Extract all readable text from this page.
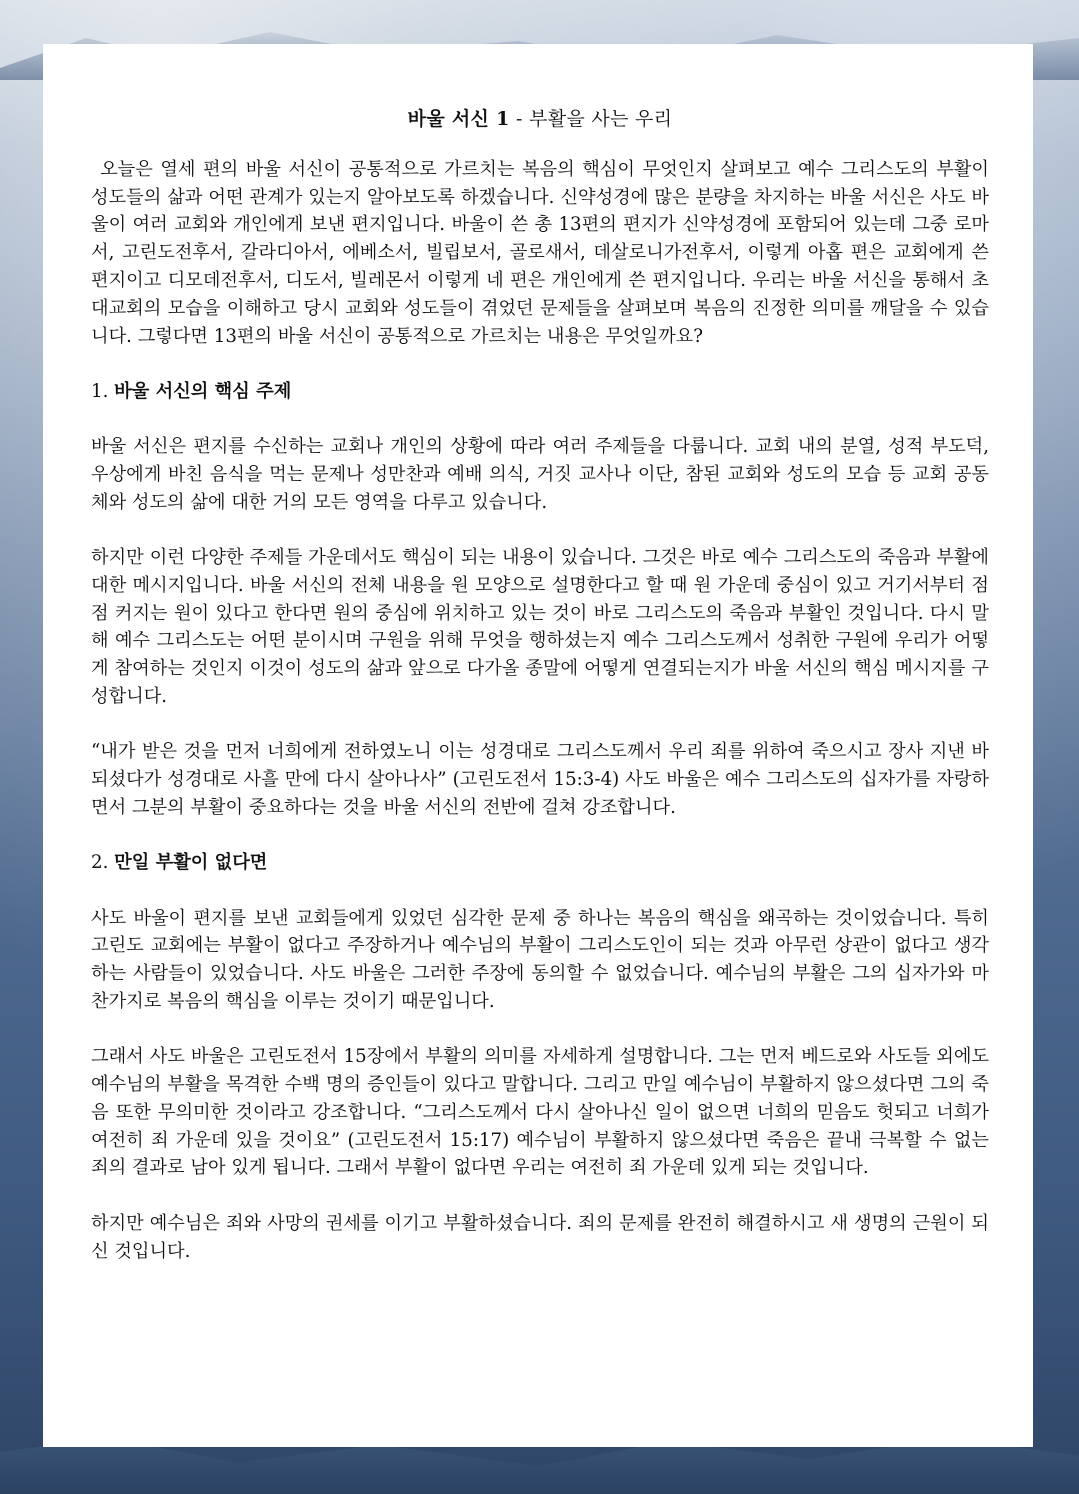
바울 서신 1 - 부활을 사는 우리

오늘은 열세 편의 바울 서신이 공통적으로 가르치는 복음의 핵심이 무엇인지 살펴보고 예수 그리스도의 부활이 성도들의 삶과 어떤 관계가 있는지 알아보도록 하겠습니다. 신약성경에 많은 분량을 차지하는 바울 서신은 사도 바울이 여러 교회와 개인에게 보낸 편지입니다. 바울이 쓴 총 13편의 편지가 신약성경에 포함되어 있는데 그중 로마서, 고린도전후서, 갈라디아서, 에베소서, 빌립보서, 골로새서, 데살로니가전후서, 이렇게 아홉 편은 교회에게 쓴 편지이고 디모데전후서, 디도서, 빌레몬서 이렇게 네 편은 개인에게 쓴 편지입니다. 우리는 바울 서신을 통해서 초대교회의 모습을 이해하고 당시 교회와 성도들이 겪었던 문제들을 살펴보며 복음의 진정한 의미를 깨달을 수 있습니다. 그렇다면 13편의 바울 서신이 공통적으로 가르치는 내용은 무엇일까요?

1. 바울 서신의 핵심 주제

바울 서신은 편지를 수신하는 교회나 개인의 상황에 따라 여러 주제들을 다룹니다. 교회 내의 분열, 성적 부도덕, 우상에게 바친 음식을 먹는 문제나 성만찬과 예배 의식, 거짓 교사나 이단, 참된 교회와 성도의 모습 등 교회 공동체와 성도의 삶에 대한 거의 모든 영역을 다루고 있습니다.

하지만 이런 다양한 주제들 가운데서도 핵심이 되는 내용이 있습니다. 그것은 바로 예수 그리스도의 죽음과 부활에 대한 메시지입니다. 바울 서신의 전체 내용을 원 모양으로 설명한다고 할 때 원 가운데 중심이 있고 거기서부터 점점 커지는 원이 있다고 한다면 원의 중심에 위치하고 있는 것이 바로 그리스도의 죽음과 부활인 것입니다. 다시 말해 예수 그리스도는 어떤 분이시며 구원을 위해 무엇을 행하셨는지 예수 그리스도께서 성취한 구원에 우리가 어떻게 참여하는 것인지 이것이 성도의 삶과 앞으로 다가올 종말에 어떻게 연결되는지가 바울 서신의 핵심 메시지를 구성합니다.

“내가 받은 것을 먼저 너희에게 전하였노니 이는 성경대로 그리스도께서 우리 죄를 위하여 죽으시고 장사 지낸 바 되셨다가 성경대로 사흘 만에 다시 살아나사” (고린도전서 15:3-4) 사도 바울은 예수 그리스도의 십자가를 자랑하면서 그분의 부활이 중요하다는 것을 바울 서신의 전반에 걸쳐 강조합니다.

2. 만일 부활이 없다면

사도 바울이 편지를 보낸 교회들에게 있었던 심각한 문제 중 하나는 복음의 핵심을 왜곡하는 것이었습니다. 특히 고린도 교회에는 부활이 없다고 주장하거나 예수님의 부활이 그리스도인이 되는 것과 아무런 상관이 없다고 생각하는 사람들이 있었습니다. 사도 바울은 그러한 주장에 동의할 수 없었습니다. 예수님의 부활은 그의 십자가와 마찬가지로 복음의 핵심을 이루는 것이기 때문입니다.

그래서 사도 바울은 고린도전서 15장에서 부활의 의미를 자세하게 설명합니다. 그는 먼저 베드로와 사도들 외에도 예수님의 부활을 목격한 수백 명의 증인들이 있다고 말합니다. 그리고 만일 예수님이 부활하지 않으셨다면 그의 죽음 또한 무의미한 것이라고 강조합니다. “그리스도께서 다시 살아나신 일이 없으면 너희의 믿음도 헛되고 너희가 여전히 죄 가운데 있을 것이요” (고린도전서 15:17) 예수님이 부활하지 않으셨다면 죽음은 끝내 극복할 수 없는 죄의 결과로 남아 있게 됩니다. 그래서 부활이 없다면 우리는 여전히 죄 가운데 있게 되는 것입니다.

하지만 예수님은 죄와 사망의 권세를 이기고 부활하셨습니다. 죄의 문제를 완전히 해결하시고 새 생명의 근원이 되신 것입니다.
